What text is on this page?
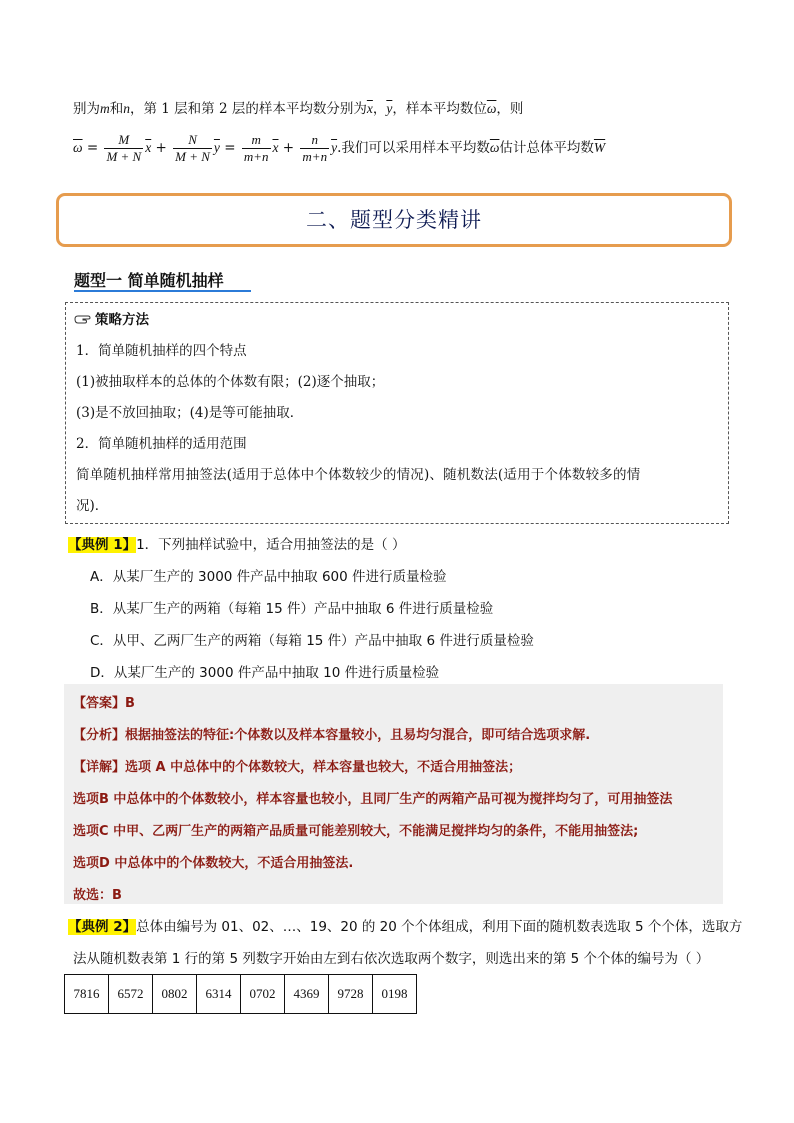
别为m和n，第 1 层和第 2 层的样本平均数分别为$\overline{x}$，$\overline{y}$，样本平均数位$\overline{\omega}$，则
$\overline{\omega} = \frac{M}{M + N} \overline{x} + \frac{N}{M + N} \overline{y} = \frac{m}{m+n} \overline{x} + \frac{n}{m+n} \overline{y}$.我们可以采用样本平均数$\overline{\omega}$估计总体平均数$\overline{W}$
二、题型分类精讲
题型一 简单随机抽样
策略方法
1．简单随机抽样的四个特点
(1)被抽取样本的总体的个体数有限；(2)逐个抽取；
(3)是不放回抽取；(4)是等可能抽取．
2．简单随机抽样的适用范围
简单随机抽样常用抽签法(适用于总体中个体数较少的情况)、随机数法(适用于个体数较多的情
况)．
【典例 1】1．下列抽样试验中，适合用抽签法的是（ ）
A．从某厂生产的 3000 件产品中抽取 600 件进行质量检验
B．从某厂生产的两箱（每箱 15 件）产品中抽取 6 件进行质量检验
C．从甲、乙两厂生产的两箱（每箱 15 件）产品中抽取 6 件进行质量检验
D．从某厂生产的 3000 件产品中抽取 10 件进行质量检验
【答案】B
【分析】根据抽签法的特征:个体数以及样本容量较小，且易均匀混合，即可结合选项求解.
【详解】选项 A 中总体中的个体数较大，样本容量也较大，不适合用抽签法；
选项B 中总体中的个体数较小，样本容量也较小，且同厂生产的两箱产品可视为搅拌均匀了，可用抽签法
选项C 中甲、乙两厂生产的两箱产品质量可能差别较大，不能满足搅拌均匀的条件，不能用抽签法;
选项D 中总体中的个体数较大，不适合用抽签法.
故选：B
【典例 2】总体由编号为 01、02、…、19、20 的 20 个个体组成，利用下面的随机数表选取 5 个个体，选取方
法从随机数表第 1 行的第 5 列数字开始由左到右依次选取两个数字，则选出来的第 5 个个体的编号为（ ）
7816	6572	0802	6314	0702	4369	9728	0198
